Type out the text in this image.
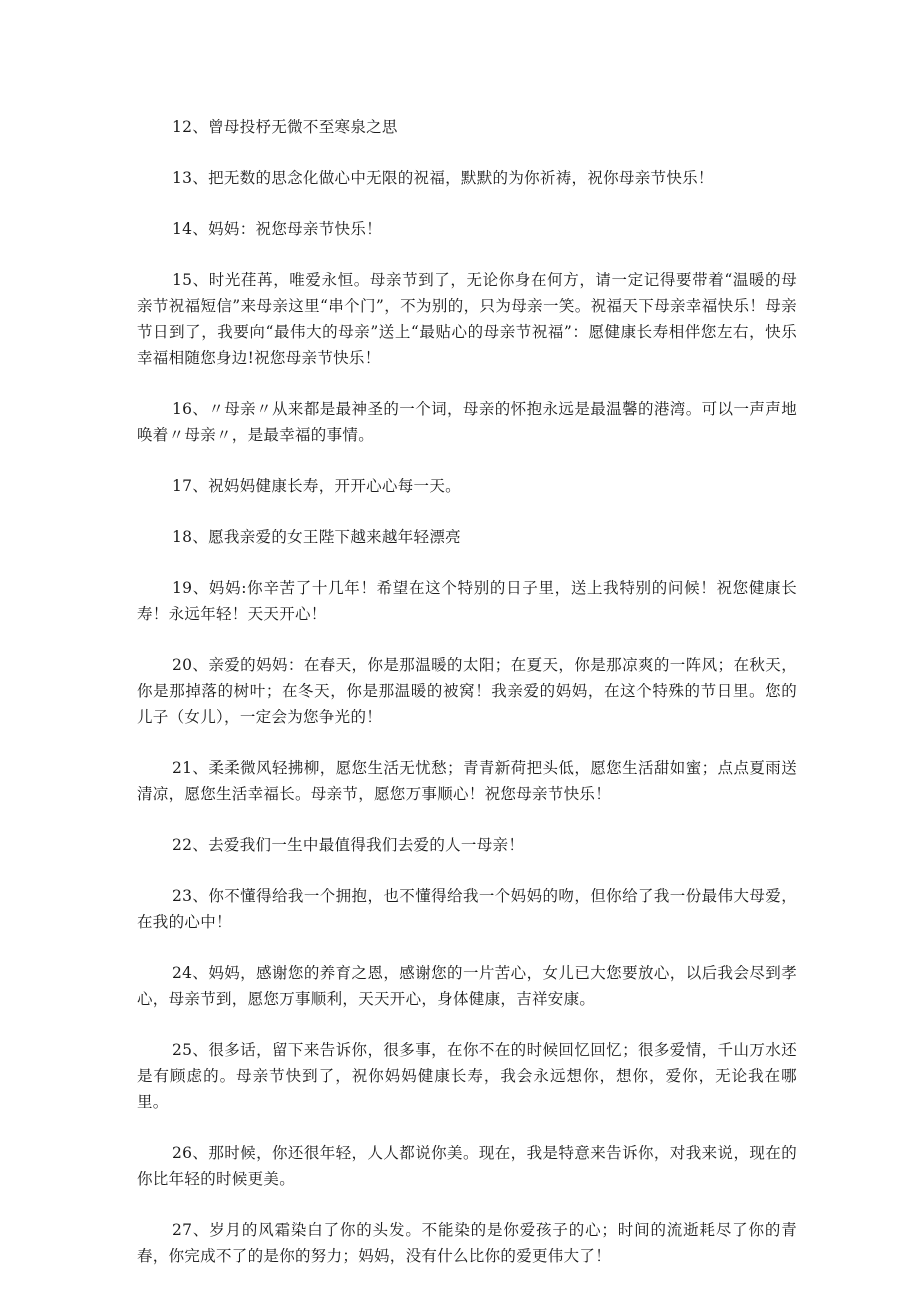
12、曾母投杼无微不至寒泉之思

13、把无数的思念化做心中无限的祝福，默默的为你祈祷，祝你母亲节快乐！

14、妈妈：祝您母亲节快乐！

15、时光荏苒，唯爱永恒。母亲节到了，无论你身在何方，请一定记得要带着“温暖的母亲节祝福短信”来母亲这里“串个门”，不为别的，只为母亲一笑。祝福天下母亲幸福快乐！母亲节日到了，我要向“最伟大的母亲”送上“最贴心的母亲节祝福”：愿健康长寿相伴您左右，快乐幸福相随您身边!祝您母亲节快乐！

16、〃母亲〃从来都是最神圣的一个词，母亲的怀抱永远是最温馨的港湾。可以一声声地唤着〃母亲〃，是最幸福的事情。

17、祝妈妈健康长寿，开开心心每一天。

18、愿我亲爱的女王陛下越来越年轻漂亮

19、妈妈:你辛苦了十几年！希望在这个特别的日子里，送上我特别的问候！祝您健康长寿！永远年轻！天天开心！

20、亲爱的妈妈：在春天，你是那温暖的太阳；在夏天，你是那凉爽的一阵风；在秋天，你是那掉落的树叶；在冬天，你是那温暖的被窝！我亲爱的妈妈，在这个特殊的节日里。您的儿子（女儿），一定会为您争光的！

21、柔柔微风轻拂柳，愿您生活无忧愁；青青新荷把头低，愿您生活甜如蜜；点点夏雨送清凉，愿您生活幸福长。母亲节，愿您万事顺心！祝您母亲节快乐！

22、去爱我们一生中最值得我们去爱的人一母亲！

23、你不懂得给我一个拥抱，也不懂得给我一个妈妈的吻，但你给了我一份最伟大母爱，在我的心中！

24、妈妈，感谢您的养育之恩，感谢您的一片苦心，女儿已大您要放心，以后我会尽到孝心，母亲节到，愿您万事顺利，天天开心，身体健康，吉祥安康。

25、很多话，留下来告诉你，很多事，在你不在的时候回忆回忆；很多爱情，千山万水还是有顾虑的。母亲节快到了，祝你妈妈健康长寿，我会永远想你，想你，爱你，无论我在哪里。

26、那时候，你还很年轻，人人都说你美。现在，我是特意来告诉你，对我来说，现在的你比年轻的时候更美。

27、岁月的风霜染白了你的头发。不能染的是你爱孩子的心；时间的流逝耗尽了你的青春，你完成不了的是你的努力；妈妈，没有什么比你的爱更伟大了！
